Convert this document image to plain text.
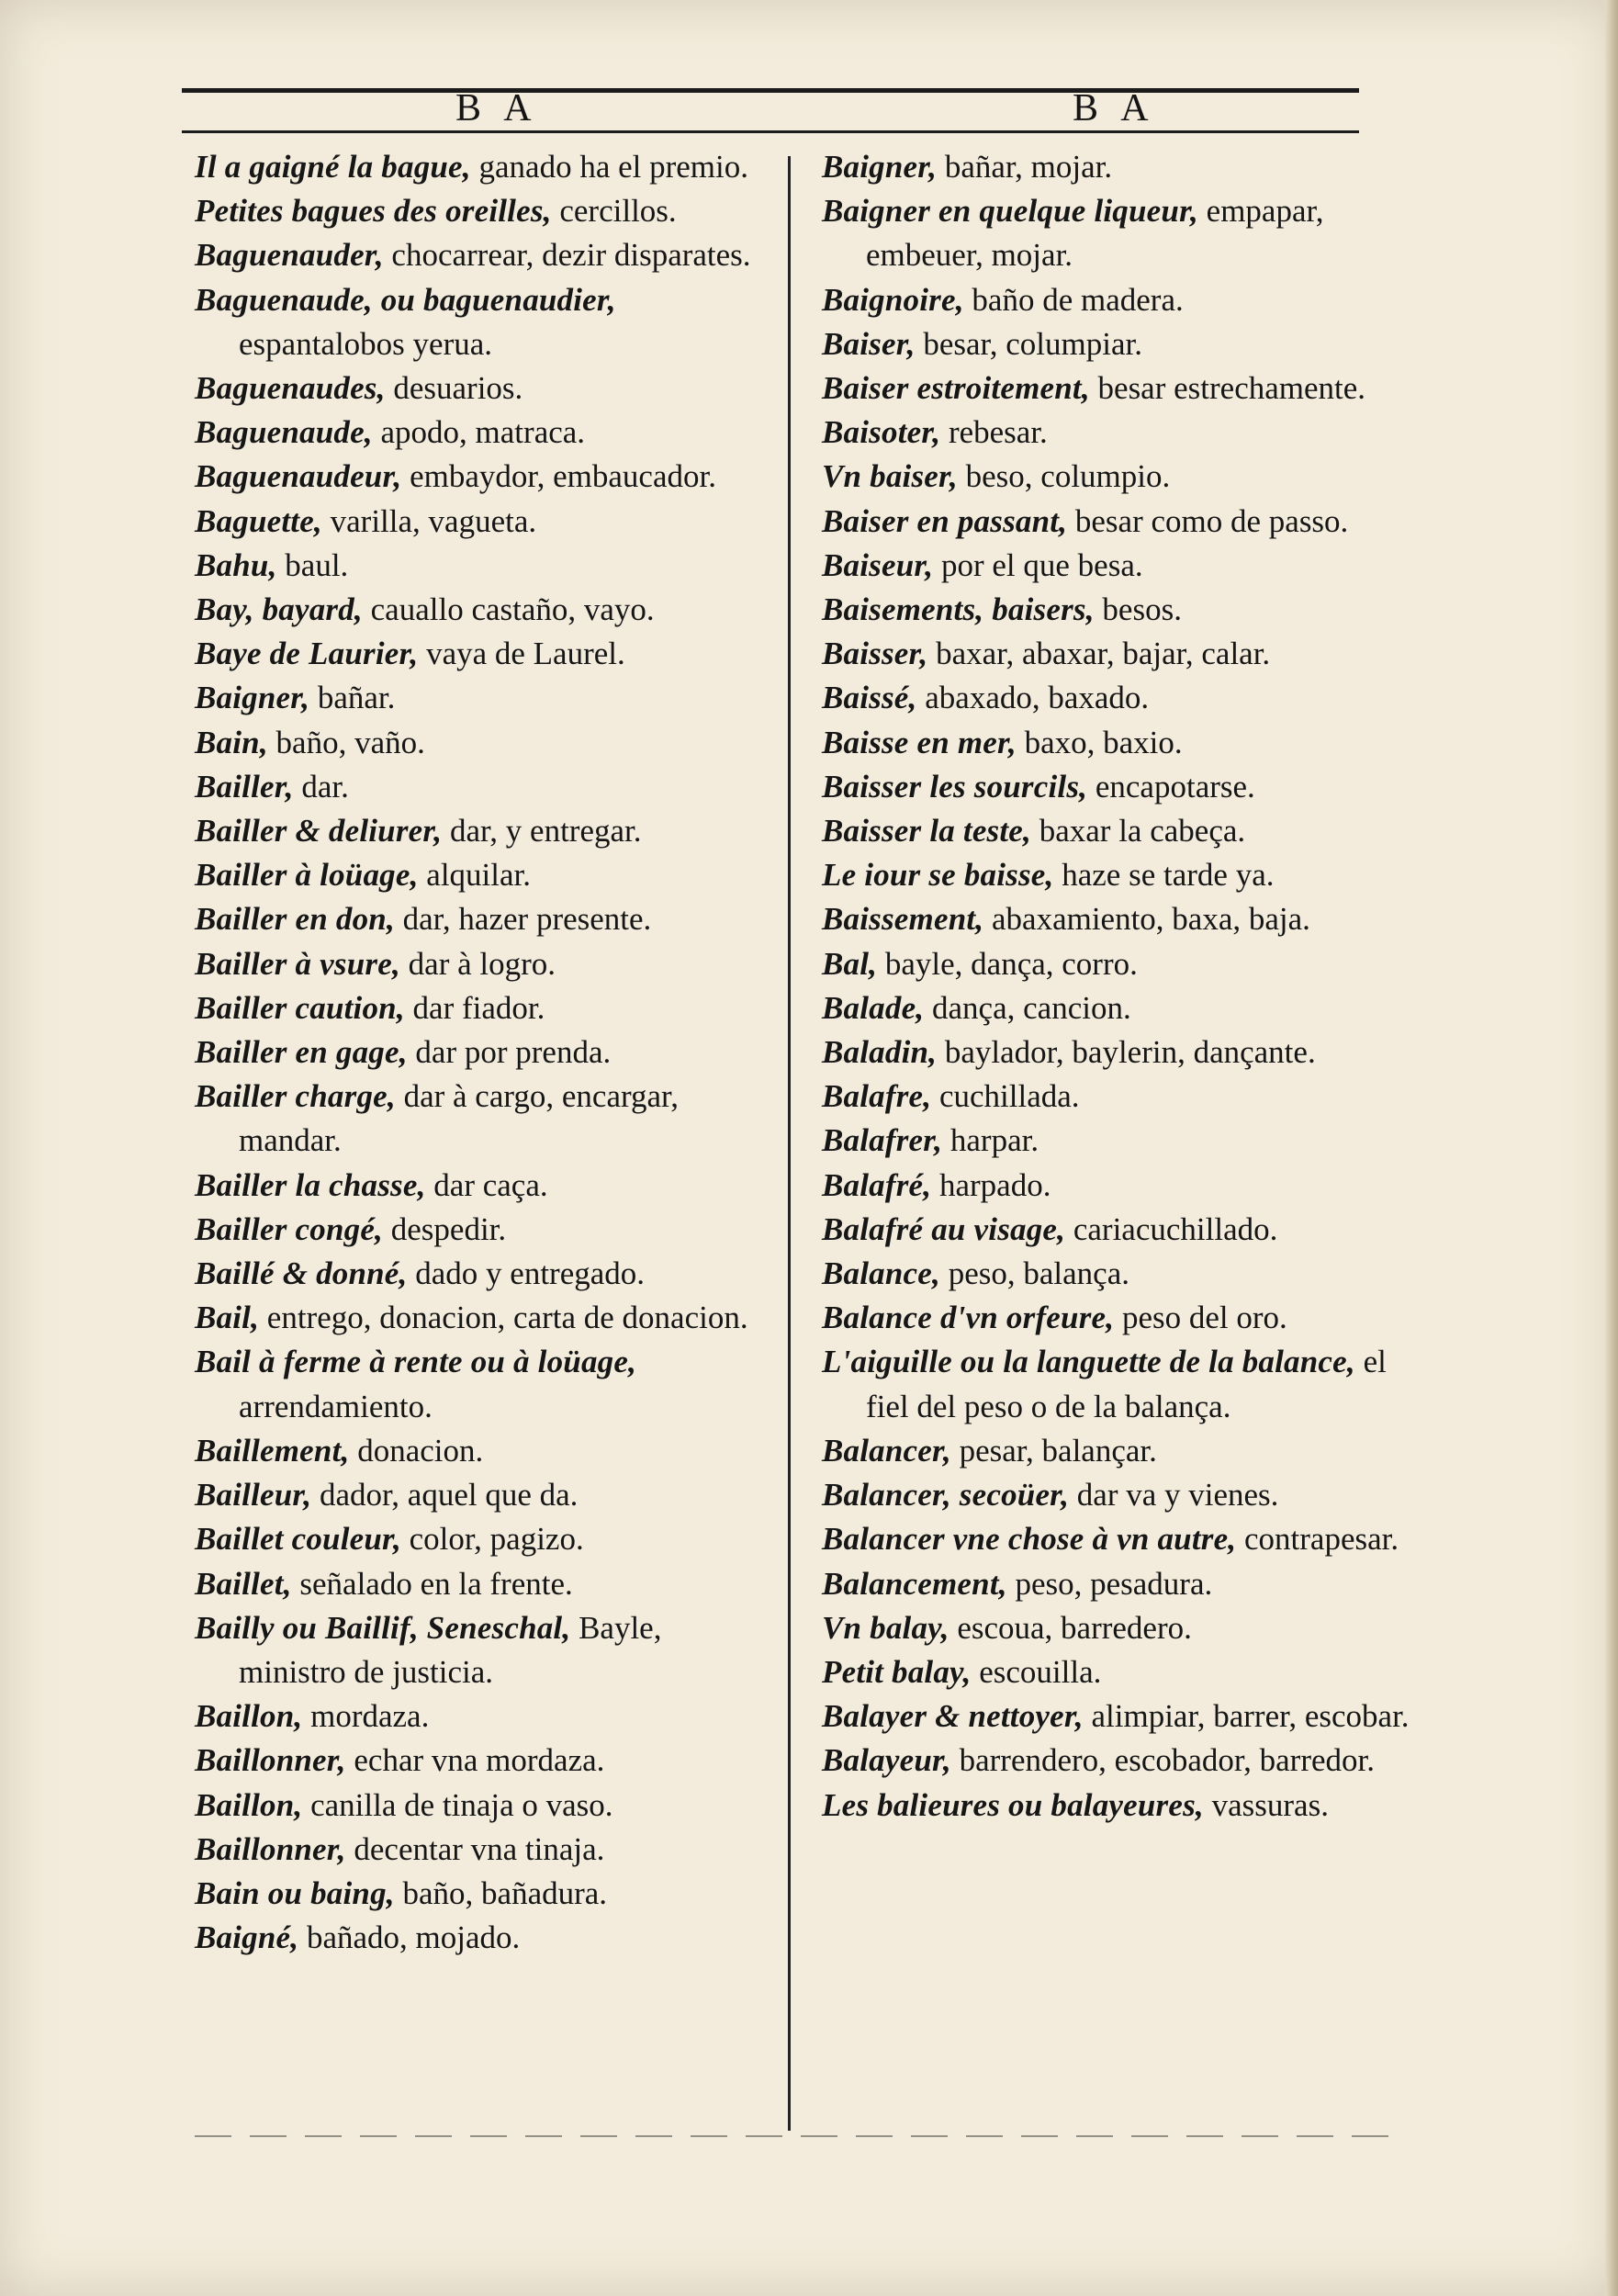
B A	B A

Il a gaigné la bague, ganado ha el premio.

Petites bagues des oreilles, cercillos.

Baguenauder, chocarrear, dezir disparates.

Baguenaude, ou baguenaudier, espantalobos yerua.

Baguenaudes, desuarios.

Baguenaude, apodo, matraca.

Baguenaudeur, embaydor, embaucador.

Baguette, varilla, vagueta.

Bahu, baul.

Bay, bayard, cauallo castaño, vayo.

Baye de Laurier, vaya de Laurel.

Baigner, bañar.

Bain, baño, vaño.

Bailler, dar.

Bailler & deliurer, dar, y entregar.

Bailler à loüage, alquilar.

Bailler en don, dar, hazer presente.

Bailler à vsure, dar à logro.

Bailler caution, dar fiador.

Bailler en gage, dar por prenda.

Bailler charge, dar à cargo, encargar, mandar.

Bailler la chasse, dar caça.

Bailler congé, despedir.

Baillé & donné, dado y entregado.

Bail, entrego, donacion, carta de donacion.

Bail à ferme à rente ou à loüage, arrendamiento.

Baillement, donacion.

Bailleur, dador, aquel que da.

Baillet couleur, color, pagizo.

Baillet, señalado en la frente.

Bailly ou Baillif, Seneschal, Bayle, ministro de justicia.

Baillon, mordaza.

Baillonner, echar vna mordaza.

Baillon, canilla de tinaja o vaso.

Baillonner, decentar vna tinaja.

Bain ou baing, baño, bañadura.

Baigné, bañado, mojado.

Baigner, bañar, mojar.

Baigner en quelque liqueur, empapar, embeuer, mojar.

Baignoire, baño de madera.

Baiser, besar, columpiar.

Baiser estroitement, besar estrechamente.

Baisoter, rebesar.

Vn baiser, beso, columpio.

Baiser en passant, besar como de passo.

Baiseur, por el que besa.

Baisements, baisers, besos.

Baisser, baxar, abaxar, bajar, calar.

Baissé, abaxado, baxado.

Baisse en mer, baxo, baxio.

Baisser les sourcils, encapotarse.

Baisser la teste, baxar la cabeça.

Le iour se baisse, haze se tarde ya.

Baissement, abaxamiento, baxa, baja.

Bal, bayle, dança, corro.

Balade, dança, cancion.

Baladin, baylador, baylerin, dançante.

Balafre, cuchillada.

Balafrer, harpar.

Balafré, harpado.

Balafré au visage, cariacuchillado.

Balance, peso, balança.

Balance d'vn orfeure, peso del oro.

L'aiguille ou la languette de la balance, el fiel del peso o de la balança.

Balancer, pesar, balançar.

Balancer, secoüer, dar va y vienes.

Balancer vne chose à vn autre, contrapesar.

Balancement, peso, pesadura.

Vn balay, escoua, barredero.

Petit balay, escouilla.

Balayer & nettoyer, alimpiar, barrer, escobar.

Balayeur, barrendero, escobador, barredor.

Les balieures ou balayeures, vassuras.
